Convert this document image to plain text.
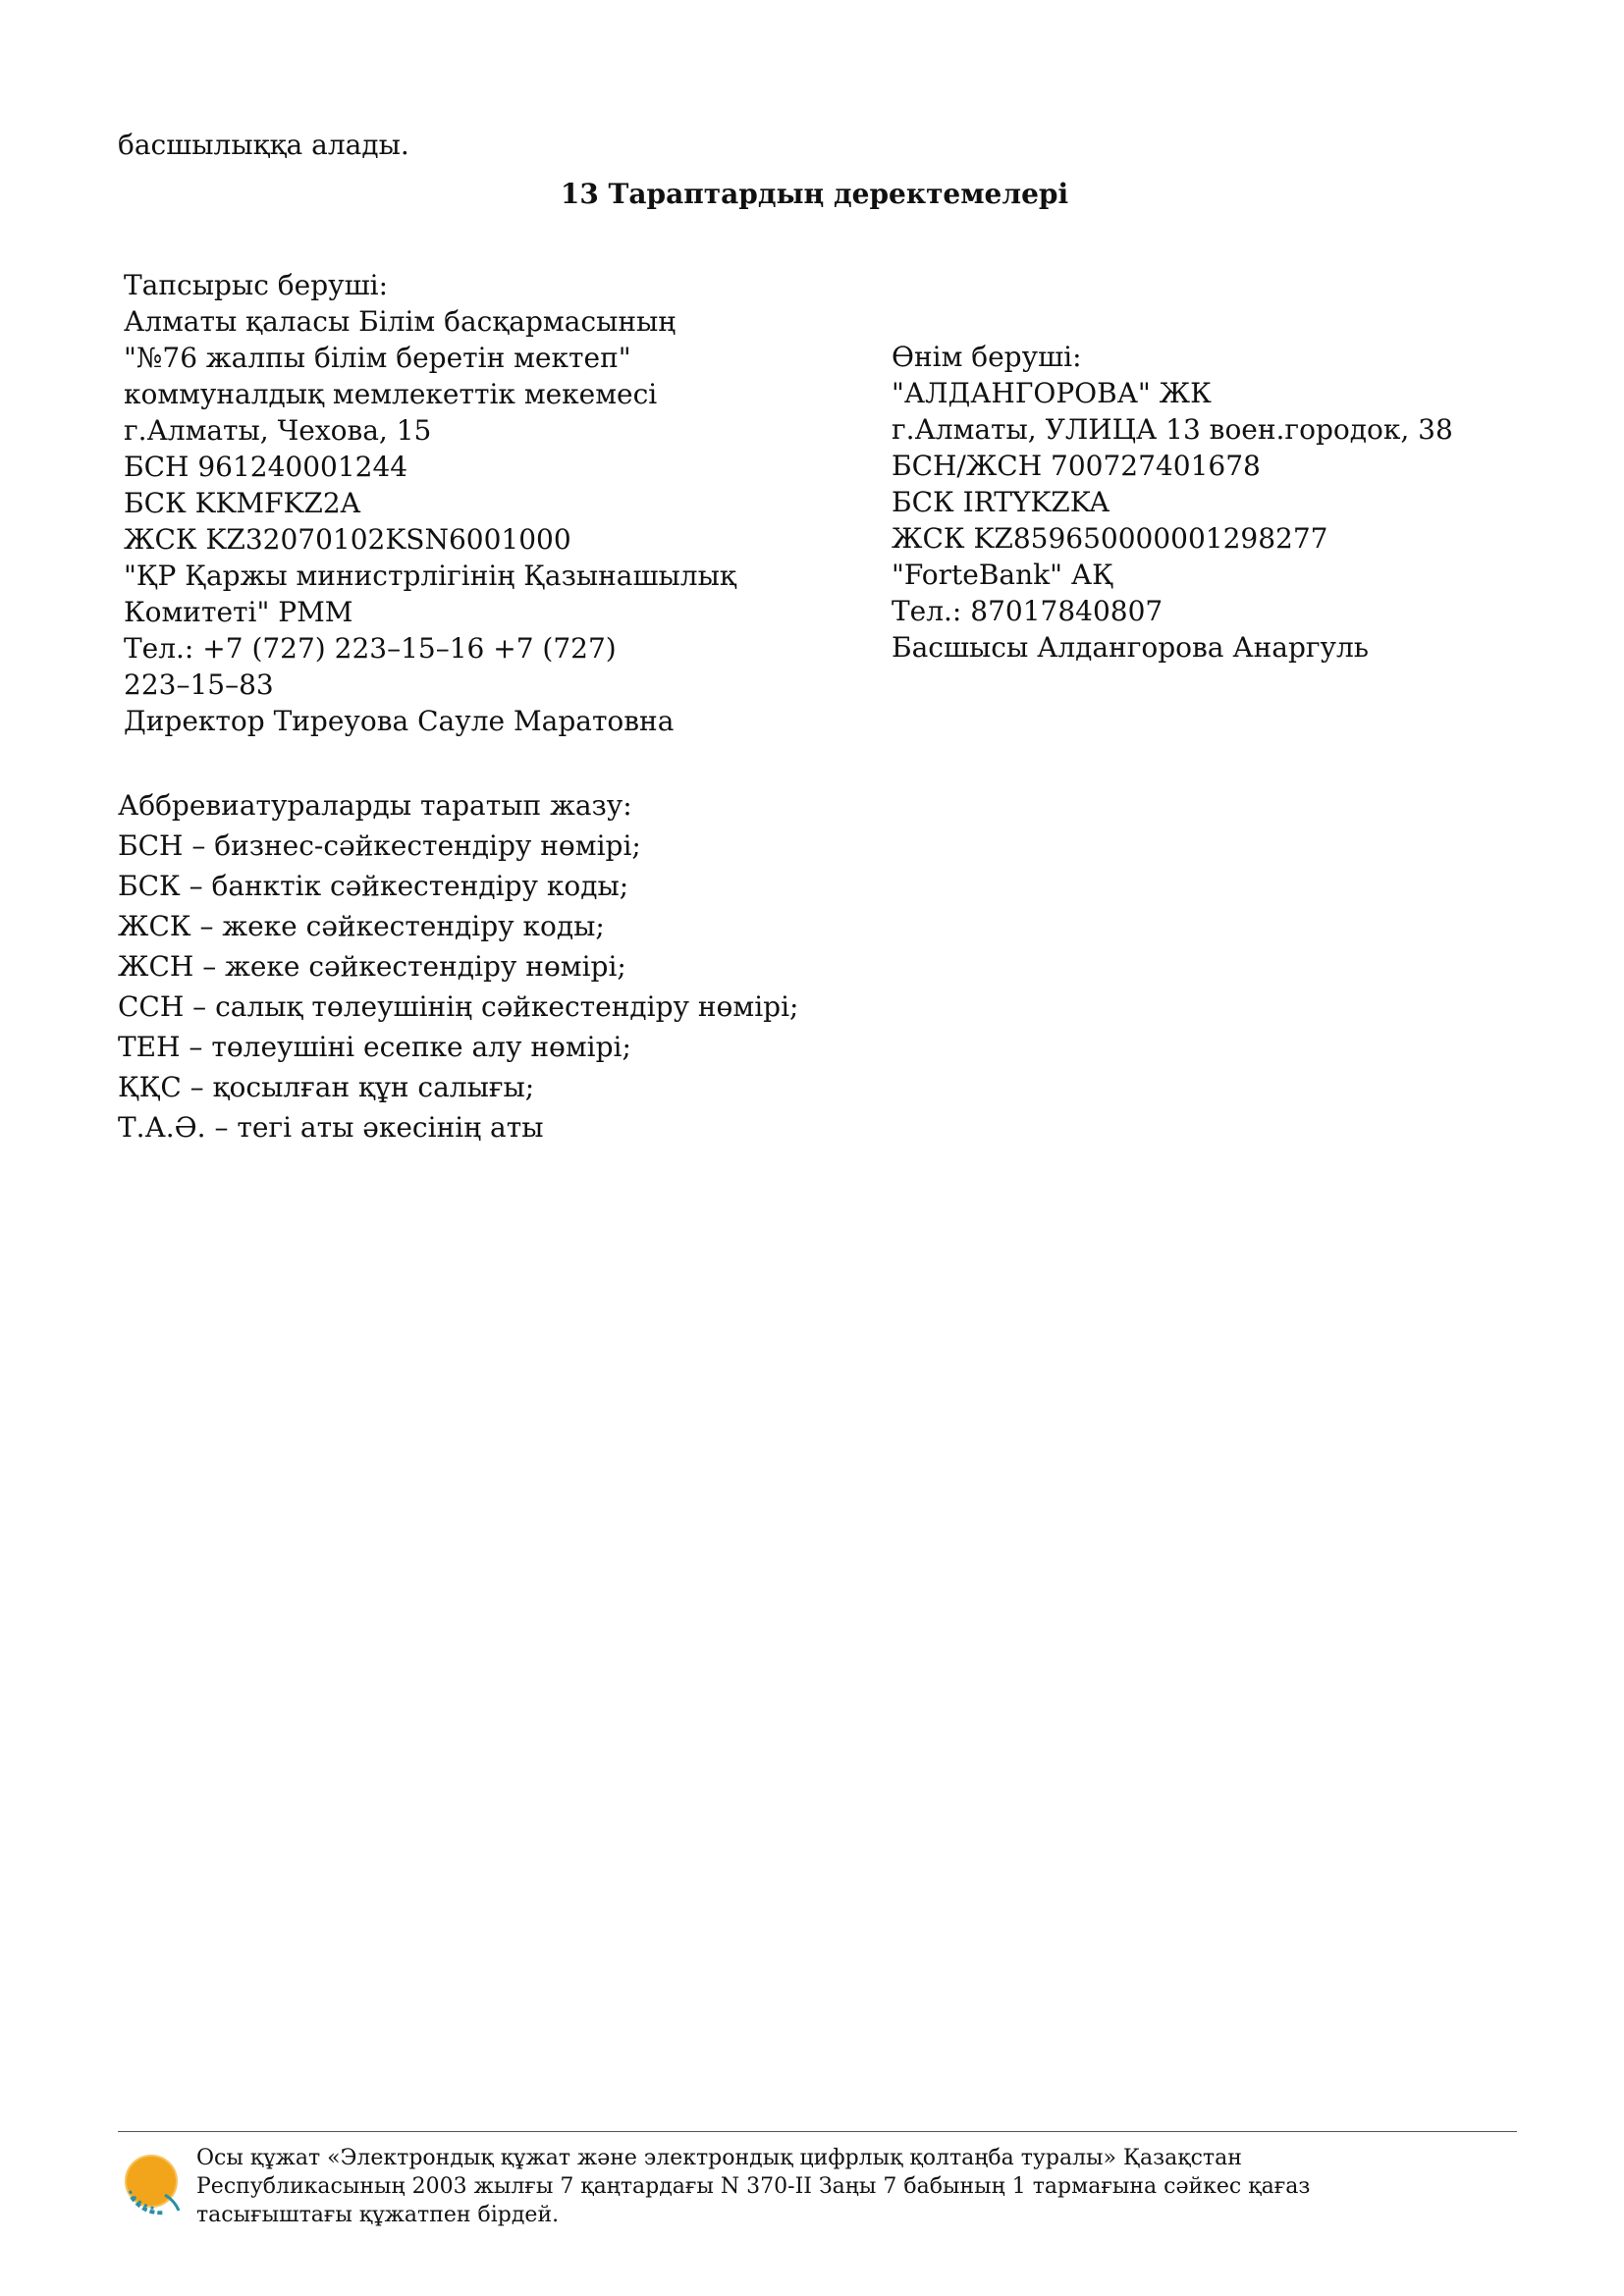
басшылыққа алады.
13 Тараптардың деректемелері
Тапсырыс беруші:
Алматы қаласы Білім басқармасының
"№76 жалпы білім беретін мектеп"
коммуналдық мемлекеттік мекемесі
г.Алматы, Чехова, 15
БСН 961240001244
БСК KKMFKZ2A
ЖСК KZ32070102KSN6001000
"ҚР Қаржы министрлігінің Қазынашылық
Комитеті" РММ
Тел.: +7 (727) 223–15–16 +7 (727)
223–15–83
Директор Тиреуова Сауле Маратовна
Өнім беруші:
"АЛДАНГОРОВА" ЖК
г.Алматы, УЛИЦА 13 воен.городок, 38
БСН/ЖСН 700727401678
БСК IRTYKZKA
ЖСК KZ859650000001298277
"ForteBank" АҚ
Тел.: 87017840807
Басшысы Алдангорова Анаргуль
Аббревиатураларды таратып жазу:
БСН – бизнес-сәйкестендіру нөмірі;
БСК – банктік сәйкестендіру коды;
ЖСК – жеке сәйкестендіру коды;
ЖСН – жеке сәйкестендіру нөмірі;
ССН – салық төлеушінің сәйкестендіру нөмірі;
ТЕН – төлеушіні есепке алу нөмірі;
ҚҚС – қосылған құн салығы;
Т.А.Ә. – тегі аты әкесінің аты
Осы құжат «Электрондық құжат және электрондық цифрлық қолтаңба туралы» Қазақстан
Республикасының 2003 жылғы 7 қаңтардағы N 370-II Заңы 7 бабының 1 тармағына сәйкес қағаз
тасығыштағы құжатпен бірдей.
